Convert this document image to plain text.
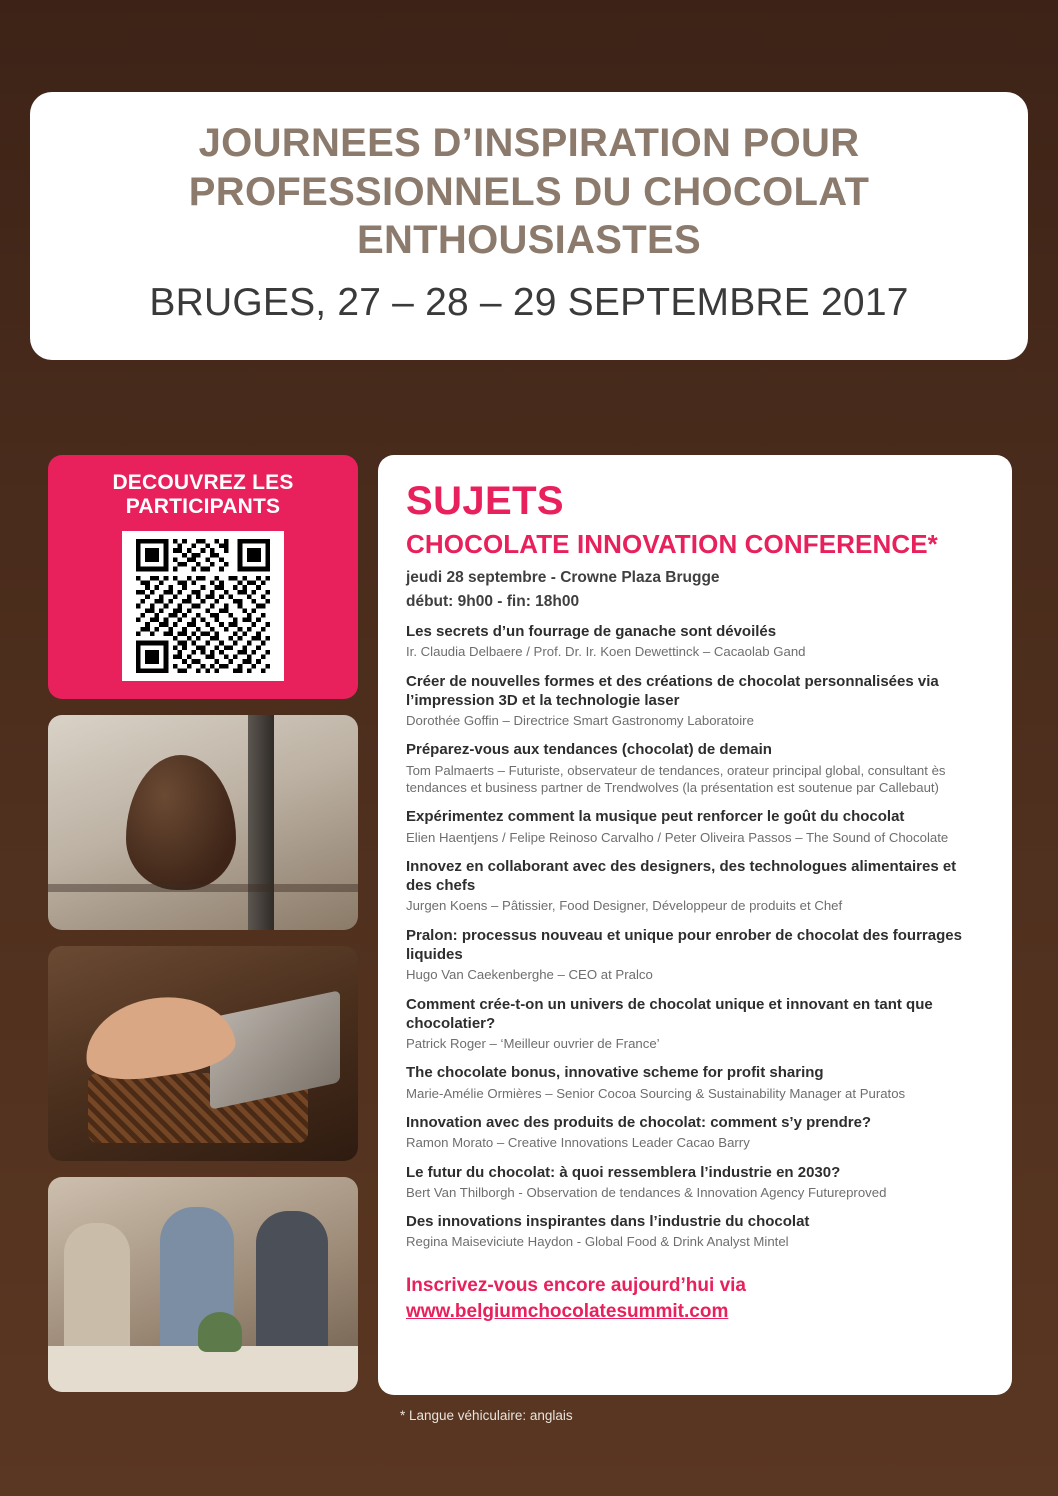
JOURNEES D’INSPIRATION POUR
PROFESSIONNELS DU CHOCOLAT ENTHOUSIASTES
BRUGES, 27 – 28 – 29 SEPTEMBRE 2017
DECOUVREZ LES PARTICIPANTS	SUJETS
CHOCOLATE INNOVATION CONFERENCE*
jeudi 28 septembre - Crowne Plaza Brugge
début: 9h00 - fin: 18h00
Les secrets d’un fourrage de ganache sont dévoilés
Ir. Claudia Delbaere / Prof. Dr. Ir. Koen Dewettinck – Cacaolab Gand
Créer de nouvelles formes et des créations de chocolat personnalisées via l’impression 3D et la technologie laser
Dorothée Goffin – Directrice Smart Gastronomy Laboratoire
Préparez-vous aux tendances (chocolat) de demain
Tom Palmaerts – Futuriste, observateur de tendances, orateur principal global, consultant ès tendances et business partner de Trendwolves (la présentation est soutenue par Callebaut)
Expérimentez comment la musique peut renforcer le goût du chocolat
Elien Haentjens / Felipe Reinoso Carvalho / Peter Oliveira Passos – The Sound of Chocolate
Innovez en collaborant avec des designers, des technologues alimentaires et des chefs
Jurgen Koens – Pâtissier, Food Designer, Développeur de produits et Chef
Pralon: processus nouveau et unique pour enrober de chocolat des fourrages liquides
Hugo Van Caekenberghe – CEO at Pralco
Comment crée-t-on un univers de chocolat unique et innovant en tant que chocolatier?
Patrick Roger – ‘Meilleur ouvrier de France’
The chocolate bonus, innovative scheme for profit sharing
Marie-Amélie Ormières – Senior Cocoa Sourcing & Sustainability Manager at Puratos
Innovation avec des produits de chocolat: comment s’y prendre?
Ramon Morato – Creative Innovations Leader Cacao Barry
Le futur du chocolat: à quoi ressemblera l’industrie en 2030?
Bert Van Thilborgh - Observation de tendances & Innovation Agency Futureproved
Des innovations inspirantes dans l’industrie du chocolat
Regina Maiseviciute Haydon - Global Food & Drink Analyst Mintel
Inscrivez-vous encore aujourd’hui via
www.belgiumchocolatesummit.com
* Langue véhiculaire: anglais
